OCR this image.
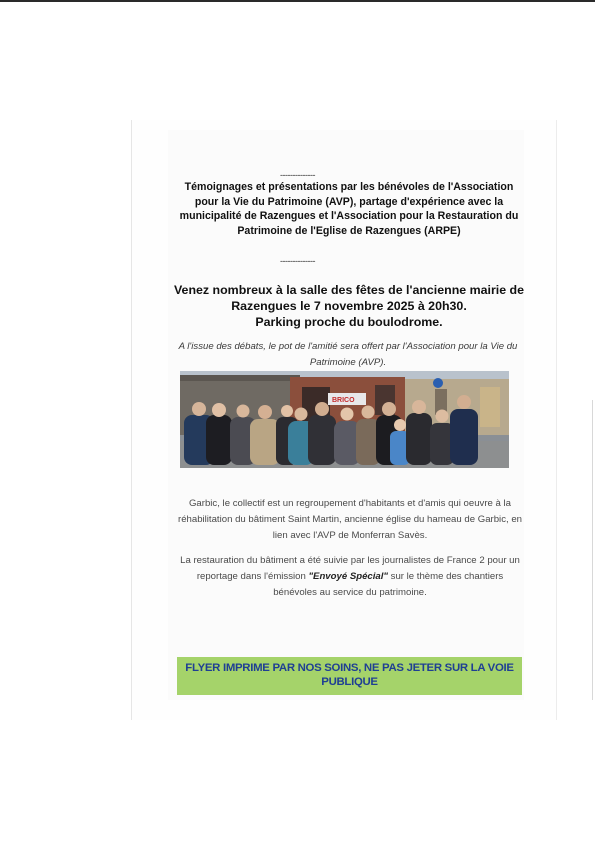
--------------
Témoignages et présentations par les bénévoles de l'Association pour la Vie du Patrimoine (AVP), partage d'expérience avec la municipalité de Razengues et l'Association pour la Restauration du Patrimoine de l'Eglise de Razengues (ARPE)
--------------
Venez nombreux à la salle des fêtes de l'ancienne mairie de Razengues le 7 novembre 2025 à 20h30.
Parking proche du boulodrome.
A l'issue des débats, le pot de l'amitié sera offert par l'Association pour la Vie du Patrimoine (AVP).
BRICO

Garbic, le collectif est un regroupement d'habitants et d'amis qui oeuvre à la réhabilitation du bâtiment Saint Martin, ancienne église du hameau de Garbic, en lien avec l'AVP de Monferran Savès.

La restauration du bâtiment a été suivie par les journalistes de France 2 pour un reportage dans l'émission "Envoyé Spécial" sur le thème des chantiers bénévoles au service du patrimoine.

FLYER IMPRIME PAR NOS SOINS, NE PAS JETER SUR LA VOIE
PUBLIQUE
